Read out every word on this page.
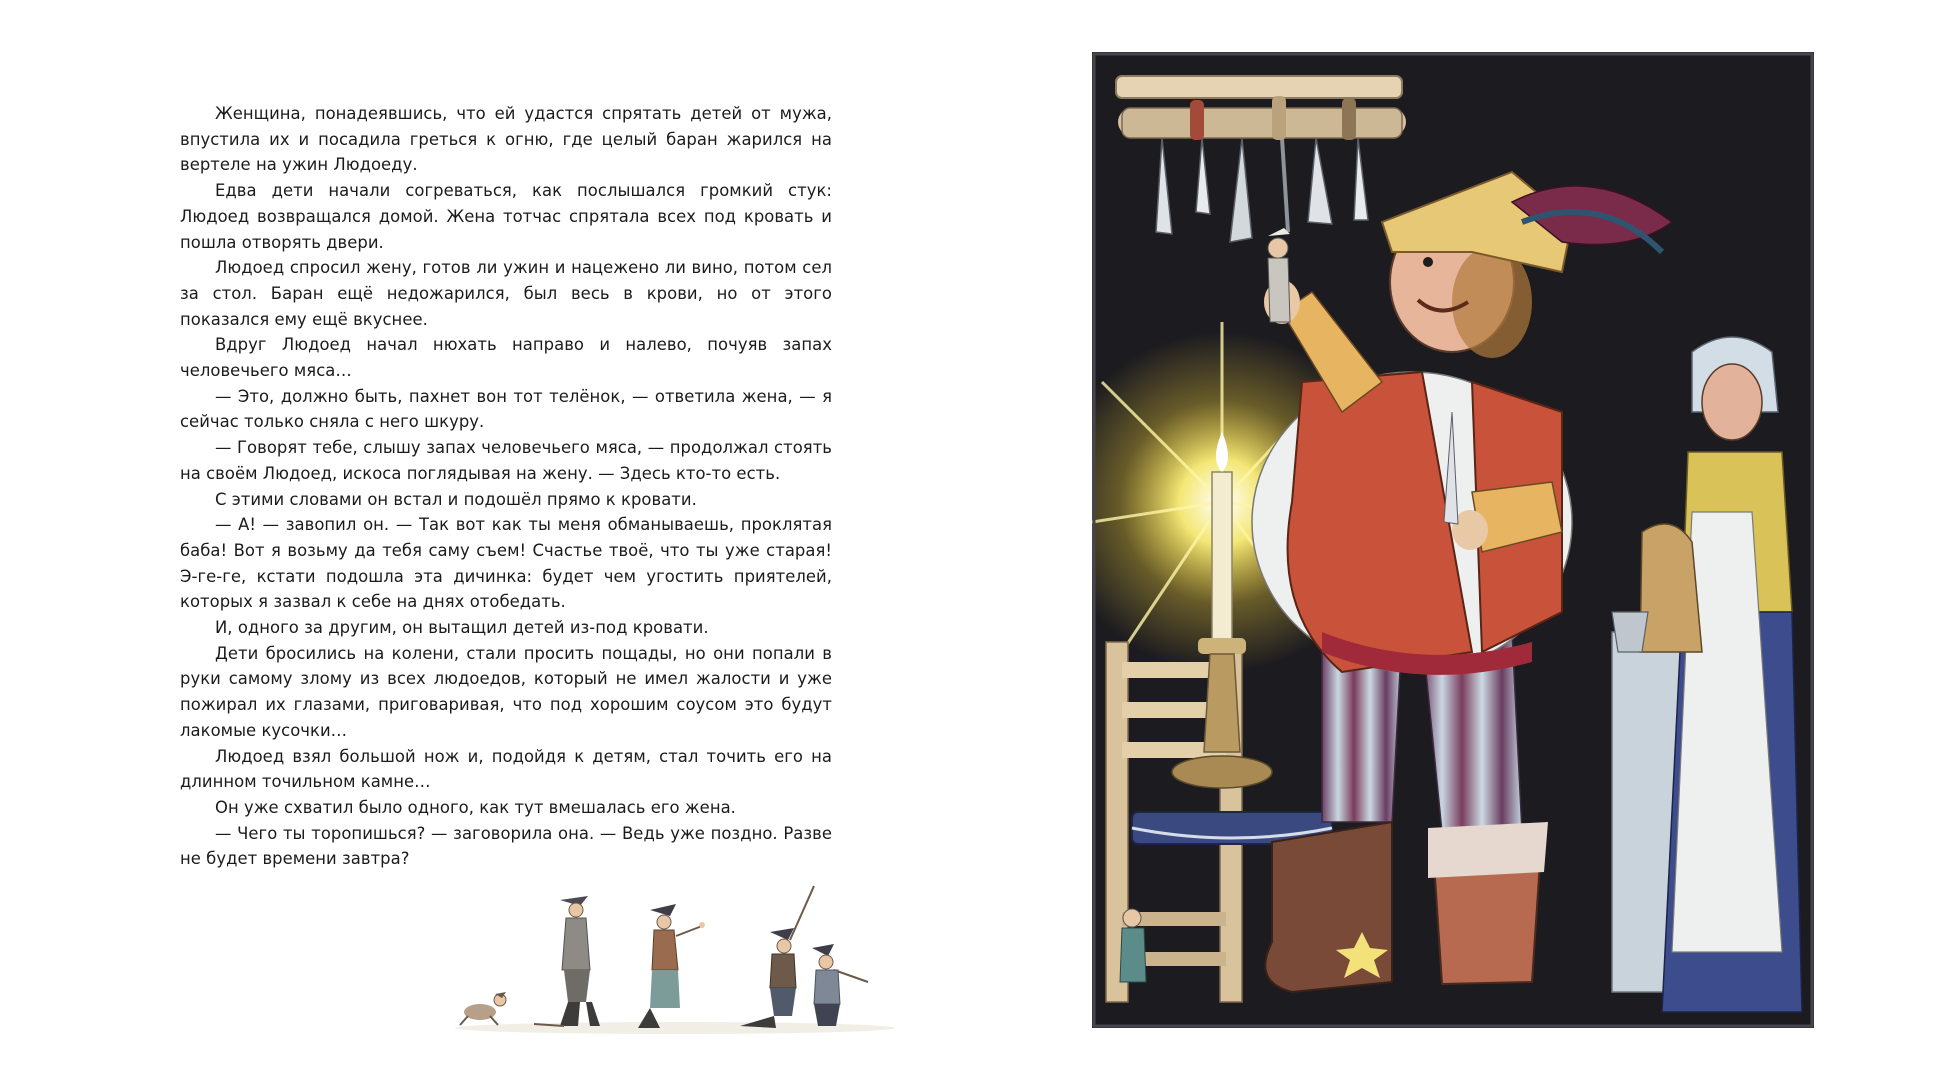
Женщина, понадеявшись, что ей удастся спрятать детей от мужа, впустила их и посадила греться к огню, где целый баран жарился на вертеле на ужин Людоеду.

Едва дети начали согреваться, как послышался громкий стук: Людоед возвращался домой. Жена тотчас спрятала всех под кровать и пошла отворять двери.

Людоед спросил жену, готов ли ужин и нацежено ли вино, потом сел за стол. Баран ещё недожарился, был весь в крови, но от этого показался ему ещё вкуснее.

Вдруг Людоед начал нюхать направо и налево, почуяв запах человечьего мяса…

— Это, должно быть, пахнет вон тот телёнок, — ответила жена, — я сейчас только сняла с него шкуру.

— Говорят тебе, слышу запах человечьего мяса, — продолжал стоять на своём Людоед, искоса поглядывая на жену. — Здесь кто-то есть.

С этими словами он встал и подошёл прямо к кровати.

— А! — завопил он. — Так вот как ты меня обманываешь, проклятая баба! Вот я возьму да тебя саму съем! Счастье твоё, что ты уже старая! Э-ге-ге, кстати подошла эта дичинка: будет чем угостить приятелей, которых я зазвал к себе на днях отобедать.

И, одного за другим, он вытащил детей из-под кровати.

Дети бросились на колени, стали просить пощады, но они попали в руки самому злому из всех людоедов, который не имел жалости и уже пожирал их глазами, приговаривая, что под хорошим соусом это будут лакомые кусочки…

Людоед взял большой нож и, подойдя к детям, стал точить его на длинном точильном камне…

Он уже схватил было одного, как тут вмешалась его жена.

— Чего ты торопишься? — заговорила она. — Ведь уже поздно. Разве не будет времени завтра?
